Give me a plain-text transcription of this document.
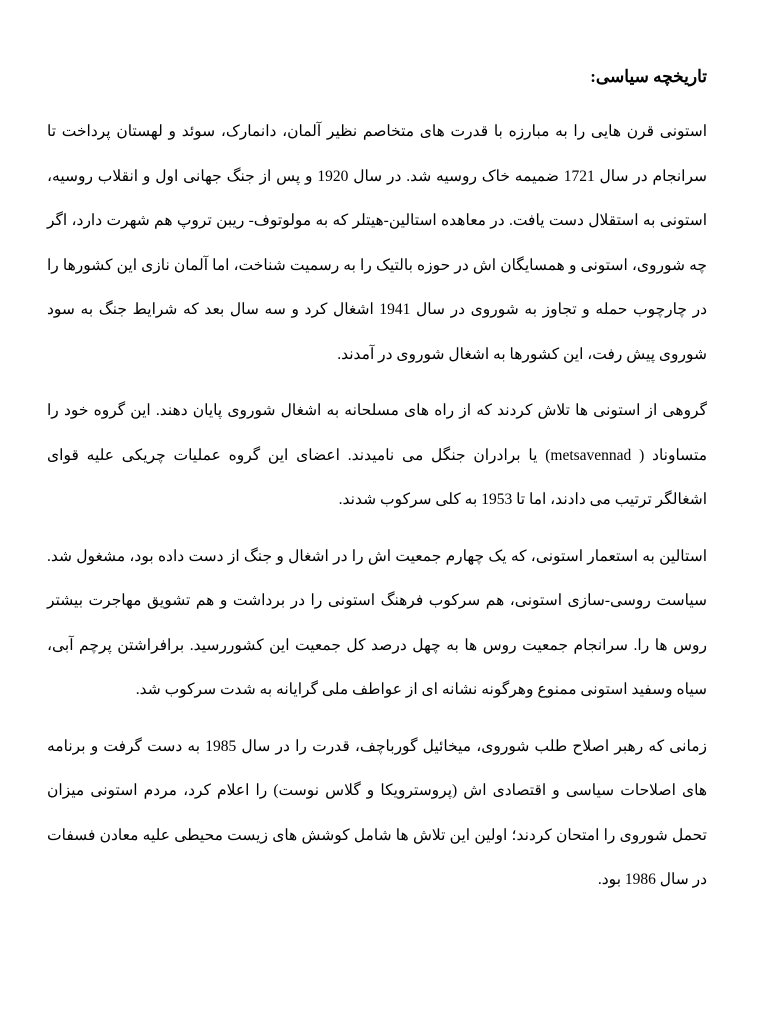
تاریخچه سیاسی:

استونی قرن هایی را به مبارزه با قدرت های متخاصم نظیر آلمان، دانمارک، سوئد و لهستان پرداخت تا سرانجام در سال 1721 ضمیمه خاک روسیه شد. در سال 1920 و پس از جنگ جهانی اول و انقلاب روسیه، استونی به استقلال دست یافت. در معاهده استالین-هیتلر که به مولوتوف- ریبن تروپ هم شهرت دارد، اگر چه شوروی، استونی و همسایگان اش در حوزه بالتیک را به رسمیت شناخت، اما آلمان نازی این کشورها را در چارچوب حمله و تجاوز به شوروی در سال 1941 اشغال کرد و سه سال بعد که شرایط جنگ به سود شوروی پیش رفت، این کشورها به اشغال شوروی در آمدند.

گروهی از استونی ها تلاش کردند که از راه های مسلحانه به اشغال شوروی پایان دهند. این گروه خود را متساوناد ( metsavennad) یا برادران جنگل می نامیدند. اعضای این گروه عملیات چریکی علیه قوای اشغالگر ترتیب می دادند، اما تا 1953 به کلی سرکوب شدند.

استالین به استعمار استونی، که یک چهارم جمعیت اش را در اشغال و جنگ از دست داده بود، مشغول شد. سیاست روسی-سازی استونی، هم سرکوب فرهنگ استونی را در برداشت و هم تشویق مهاجرت بیشتر روس ها را. سرانجام جمعیت روس ها به چهل درصد کل جمعیت این کشوررسید. برافراشتن پرچم آبی، سیاه وسفید استونی ممنوع وهرگونه نشانه ای از عواطف ملی گرایانه به شدت سرکوب شد.

زمانی که رهبر اصلاح طلب شوروی، میخائیل گورباچف، قدرت را در سال 1985 به دست گرفت و برنامه های اصلاحات سیاسی و اقتصادی اش (پروسترویکا و گلاس نوست) را اعلام کرد، مردم استونی میزان تحمل شوروی را امتحان کردند؛ اولین این تلاش ها شامل کوشش های زیست محیطی علیه معادن فسفات در سال 1986 بود.
